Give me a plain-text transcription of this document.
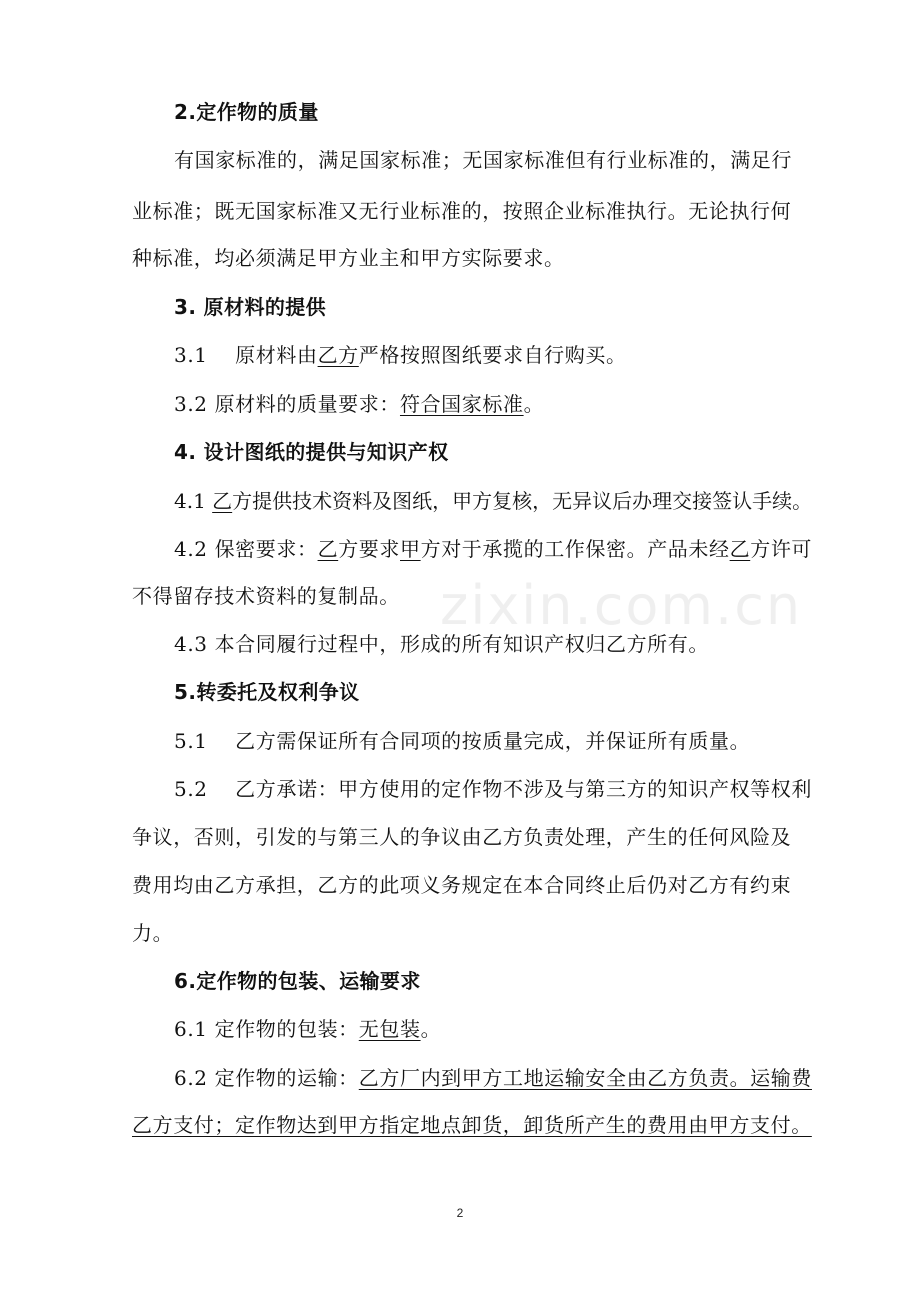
zixin.com.cn
2.定作物的质量
有国家标准的，满足国家标准；无国家标准但有行业标准的，满足行
业标准；既无国家标准又无行业标准的，按照企业标准执行。无论执行何
种标准，均必须满足甲方业主和甲方实际要求。
3. 原材料的提供
3.1　 原材料由乙方严格按照图纸要求自行购买。
3.2 原材料的质量要求：符合国家标准。
4. 设计图纸的提供与知识产权
4.1 乙方提供技术资料及图纸，甲方复核，无异议后办理交接签认手续。
4.2 保密要求：乙方要求甲方对于承揽的工作保密。产品未经乙方许可
不得留存技术资料的复制品。
4.3 本合同履行过程中，形成的所有知识产权归乙方所有。
5.转委托及权利争议
5.1　 乙方需保证所有合同项的按质量完成，并保证所有质量。
5.2　 乙方承诺：甲方使用的定作物不涉及与第三方的知识产权等权利
争议，否则，引发的与第三人的争议由乙方负责处理，产生的任何风险及
费用均由乙方承担，乙方的此项义务规定在本合同终止后仍对乙方有约束
力。
6.定作物的包装、运输要求
6.1 定作物的包装：无包装。
6.2 定作物的运输：乙方厂内到甲方工地运输安全由乙方负责。运输费
乙方支付；定作物达到甲方指定地点卸货，卸货所产生的费用由甲方支付。
2
